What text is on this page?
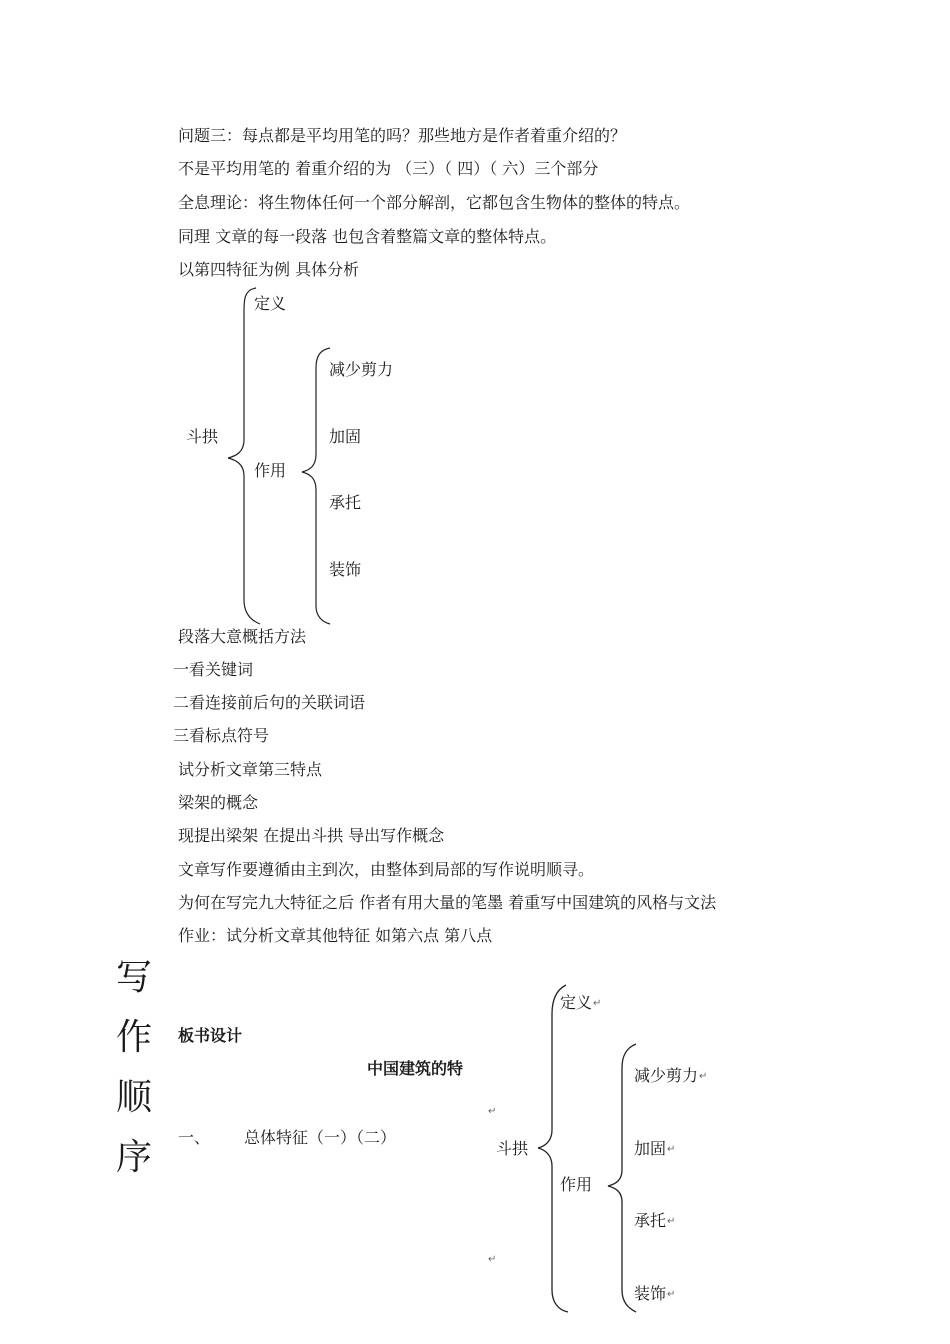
问题三：每点都是平均用笔的吗？那些地方是作者着重介绍的？
不是平均用笔的 着重介绍的为 （三）（ 四）（ 六）三个部分
全息理论：将生物体任何一个部分解剖，它都包含生物体的整体的特点。
同理 文章的每一段落 也包含着整篇文章的整体特点。
以第四特征为例 具体分析
定义
斗拱
作用
减少剪力
加固
承托
装饰
段落大意概括方法
一看关键词
二看连接前后句的关联词语
三看标点符号
试分析文章第三特点
梁架的概念
现提出梁架 在提出斗拱 导出写作概念
文章写作要遵循由主到次，由整体到局部的写作说明顺寻。
为何在写完九大特征之后 作者有用大量的笔墨 着重写中国建筑的风格与文法
作业：试分析文章其他特征 如第六点 第八点
写
作
顺
序
板书设计
中国建筑的特
一、 总体特征（一）（二）
定义 ↵
↵
斗拱
作用
↵
减少剪力 ↵
加固 ↵
承托 ↵
装饰 ↵
